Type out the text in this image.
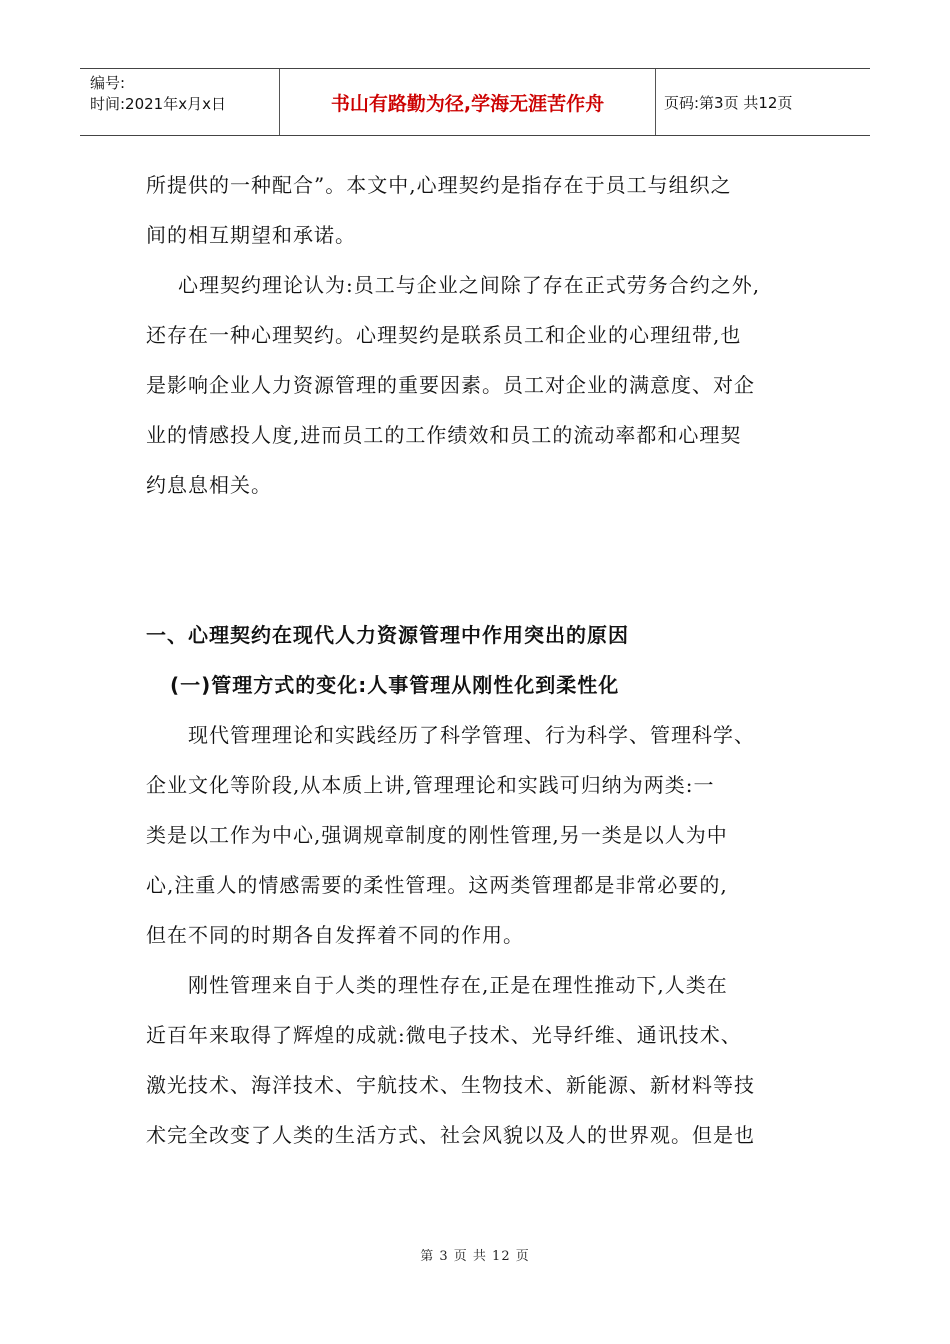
编号:
时间:2021年x月x日	书山有路勤为径,学海无涯苦作舟	页码:第3页 共12页
所提供的一种配合”。本文中,心理契约是指存在于员工与组织之
间的相互期望和承诺。
心理契约理论认为:员工与企业之间除了存在正式劳务合约之外,
还存在一种心理契约。心理契约是联系员工和企业的心理纽带,也
是影响企业人力资源管理的重要因素。员工对企业的满意度、对企
业的情感投人度,进而员工的工作绩效和员工的流动率都和心理契
约息息相关。
一、心理契约在现代人力资源管理中作用突出的原因
(一)管理方式的变化:人事管理从刚性化到柔性化
现代管理理论和实践经历了科学管理、行为科学、管理科学、
企业文化等阶段,从本质上讲,管理理论和实践可归纳为两类:一
类是以工作为中心,强调规章制度的刚性管理,另一类是以人为中
心,注重人的情感需要的柔性管理。这两类管理都是非常必要的,
但在不同的时期各自发挥着不同的作用。
刚性管理来自于人类的理性存在,正是在理性推动下,人类在
近百年来取得了辉煌的成就:微电子技术、光导纤维、通讯技术、
激光技术、海洋技术、宇航技术、生物技术、新能源、新材料等技
术完全改变了人类的生活方式、社会风貌以及人的世界观。但是也
第 3 页 共 12 页
